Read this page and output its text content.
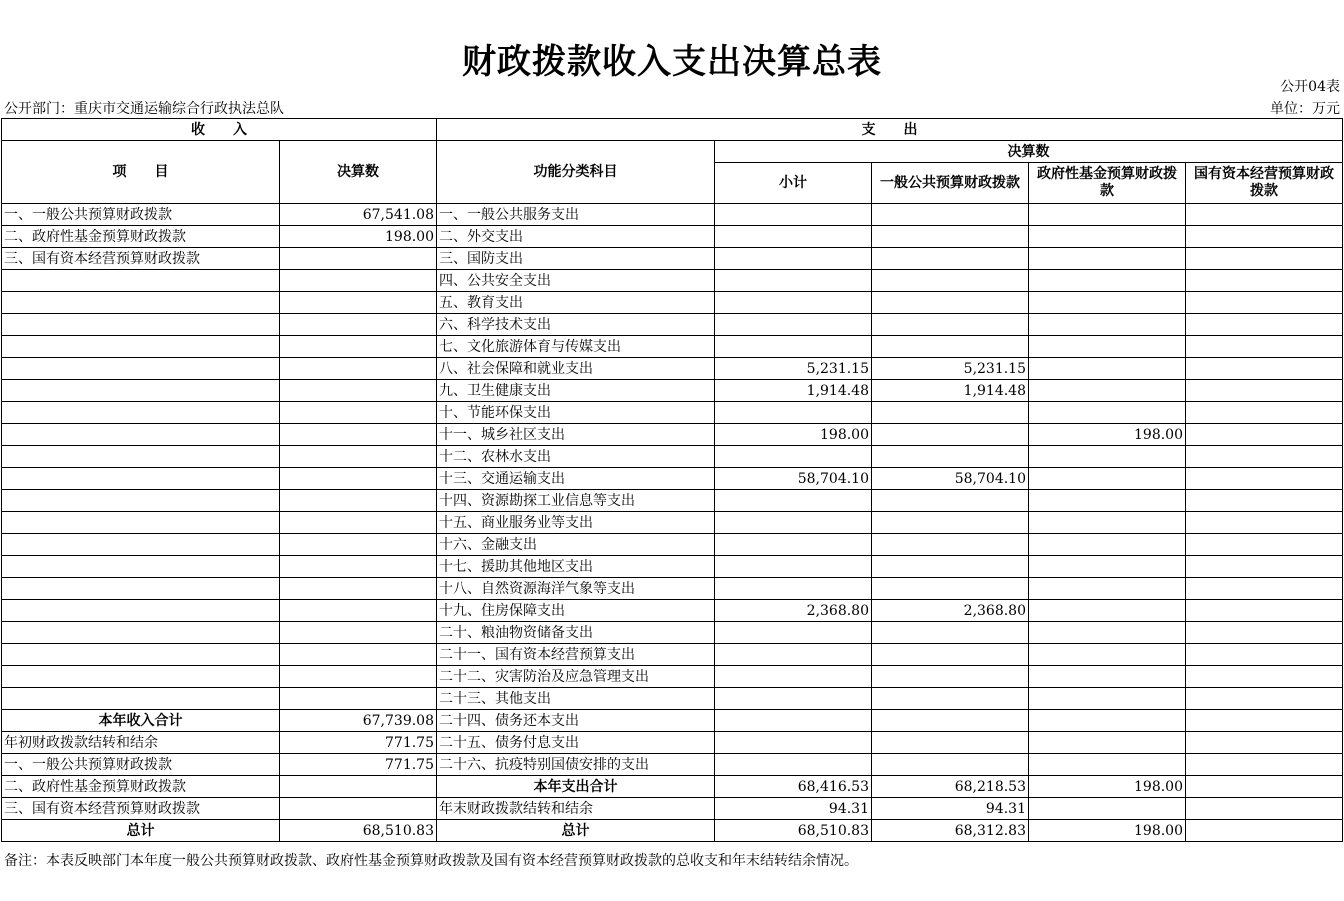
财政拨款收入支出决算总表
公开04表
公开部门：重庆市交通运输综合行政执法总队	单位：万元
收　　入		支　　出				
项　　目	决算数	功能分类科目	决算数			
			小计	一般公共预算财政拨款	政府性基金预算财政拨款	国有资本经营预算财政拨款
一、一般公共预算财政拨款	67,541.08	一、一般公共服务支出				
二、政府性基金预算财政拨款	198.00	二、外交支出				
三、国有资本经营预算财政拨款		三、国防支出				
		四、公共安全支出				
		五、教育支出				
		六、科学技术支出				
		七、文化旅游体育与传媒支出				
		八、社会保障和就业支出	5,231.15	5,231.15		
		九、卫生健康支出	1,914.48	1,914.48		
		十、节能环保支出				
		十一、城乡社区支出	198.00		198.00	
		十二、农林水支出				
		十三、交通运输支出	58,704.10	58,704.10		
		十四、资源勘探工业信息等支出				
		十五、商业服务业等支出				
		十六、金融支出				
		十七、援助其他地区支出				
		十八、自然资源海洋气象等支出				
		十九、住房保障支出	2,368.80	2,368.80		
		二十、粮油物资储备支出				
		二十一、国有资本经营预算支出				
		二十二、灾害防治及应急管理支出				
		二十三、其他支出				
本年收入合计	67,739.08	二十四、债务还本支出				
年初财政拨款结转和结余	771.75	二十五、债务付息支出				
一、一般公共预算财政拨款	771.75	二十六、抗疫特别国债安排的支出				
二、政府性基金预算财政拨款		本年支出合计	68,416.53	68,218.53	198.00	
三、国有资本经营预算财政拨款		年末财政拨款结转和结余	94.31	94.31		
总计	68,510.83	总计	68,510.83	68,312.83	198.00	
备注：本表反映部门本年度一般公共预算财政拨款、政府性基金预算财政拨款及国有资本经营预算财政拨款的总收支和年末结转结余情况。
